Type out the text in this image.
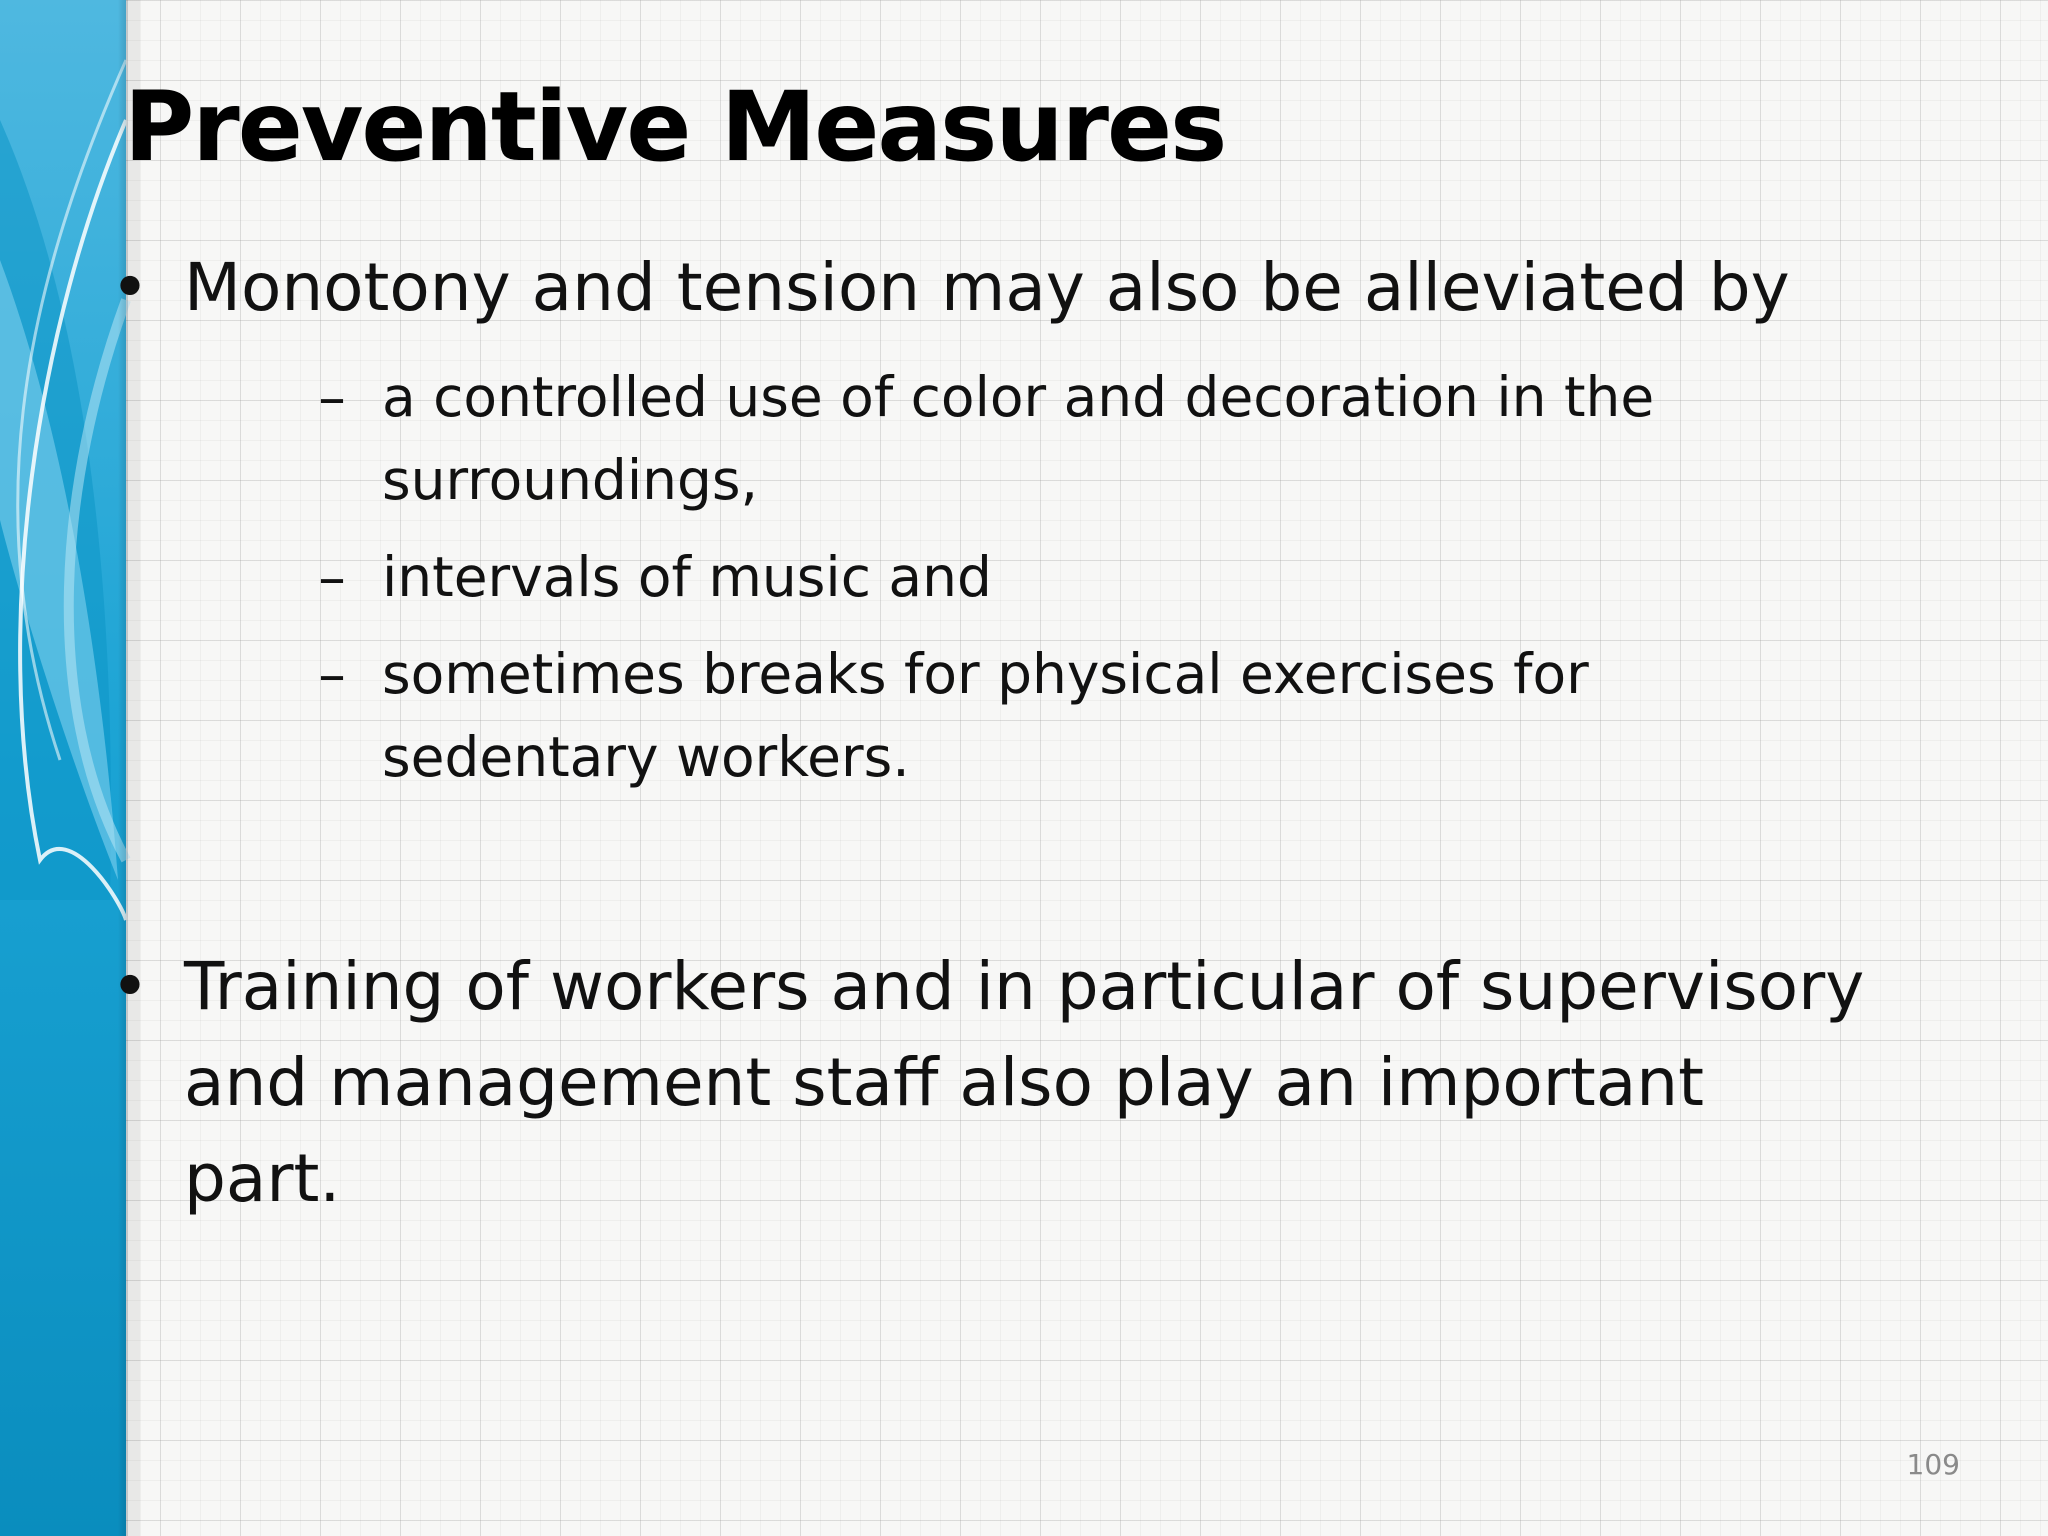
Preventive Measures
• Monotony and tension may also be alleviated by
– a controlled use of color and decoration in the surroundings,
– intervals of music and
– sometimes breaks for physical exercises for sedentary workers.
• Training of workers and in particular of supervisory and management staff also play an important part.
109
